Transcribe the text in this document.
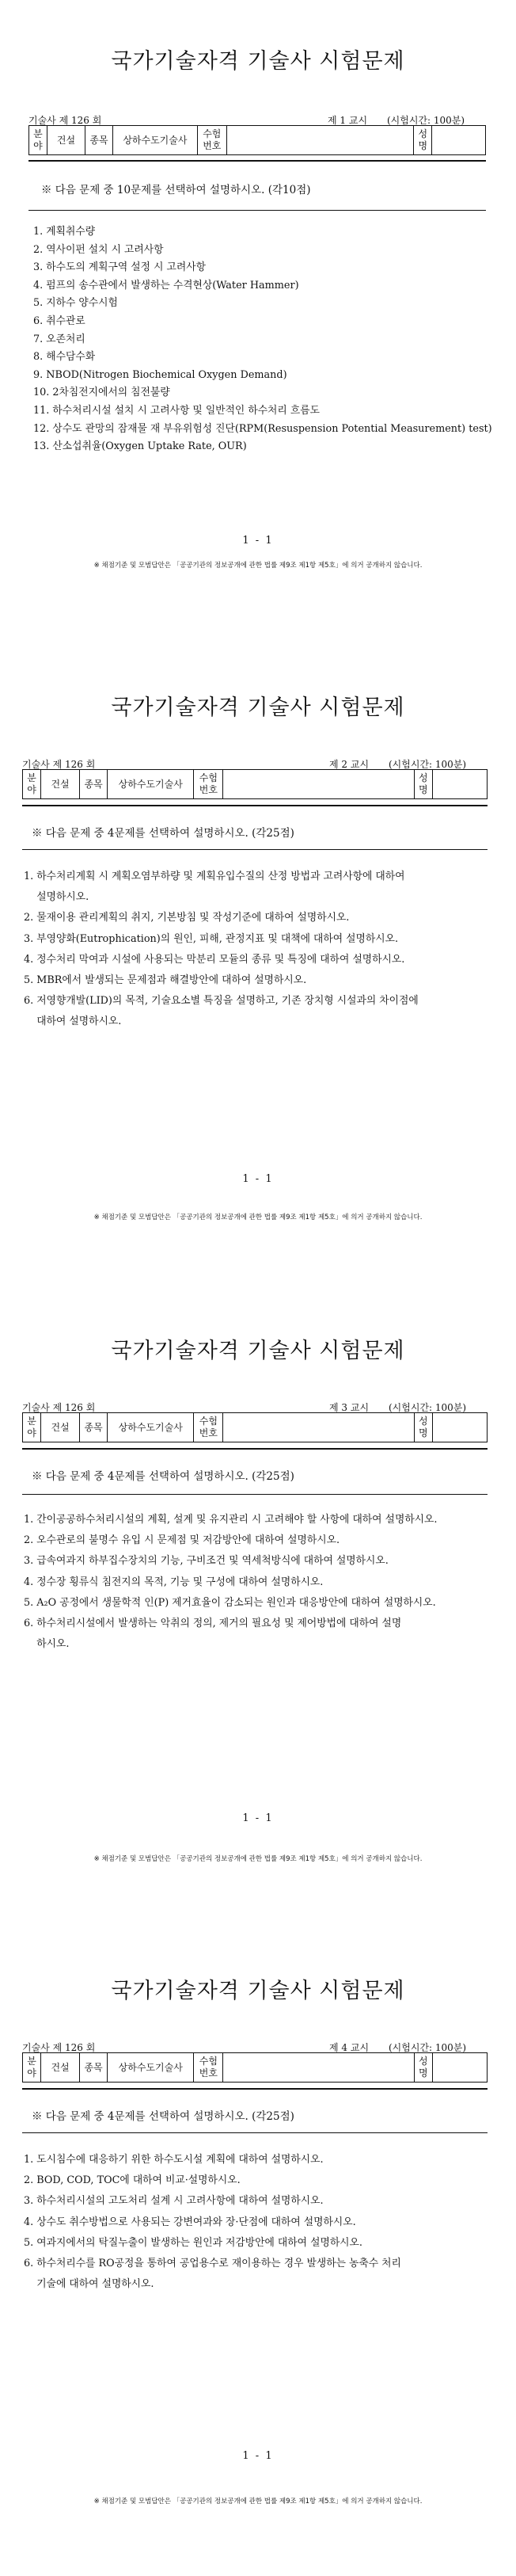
국가기술자격 기술사 시험문제
기술사 제 126 회	제 1 교시 (시험시간: 100분)
분 야	건설	종목	상하수도기술사	수험 번호		성 명	
※ 다음 문제 중 10문제를 선택하여 설명하시오. (각10점)
1. 계획취수량
2. 역사이펀 설치 시 고려사항
3. 하수도의 계획구역 설정 시 고려사항
4. 펌프의 송수관에서 발생하는 수격현상(Water Hammer)
5. 지하수 양수시험
6. 취수관로
7. 오존처리
8. 해수담수화
9. NBOD(Nitrogen Biochemical Oxygen Demand)
10. 2차침전지에서의 침전불량
11. 하수처리시설 설치 시 고려사항 및 일반적인 하수처리 흐름도
12. 상수도 관망의 잠재물 재 부유위험성 진단(RPM(Resuspension Potential Measurement) test)
13. 산소섭취율(Oxygen Uptake Rate, OUR)
1 - 1
※ 채점기준 및 모범답안은 「공공기관의 정보공개에 관한 법률 제9조 제1항 제5호」에 의거 공개하지 않습니다.
국가기술자격 기술사 시험문제
기술사 제 126 회	제 2 교시 (시험시간: 100분)
분 야	건설	종목	상하수도기술사	수험 번호		성 명	
※ 다음 문제 중 4문제를 선택하여 설명하시오. (각25점)
1. 하수처리계획 시 계획오염부하량 및 계획유입수질의 산정 방법과 고려사항에 대하여
설명하시오.
2. 물재이용 관리계획의 취지, 기본방침 및 작성기준에 대하여 설명하시오.
3. 부영양화(Eutrophication)의 원인, 피해, 관정지표 및 대책에 대하여 설명하시오.
4. 정수처리 막여과 시설에 사용되는 막분리 모듈의 종류 및 특징에 대하여 설명하시오.
5. MBR에서 발생되는 문제점과 해결방안에 대하여 설명하시오.
6. 저영향개발(LID)의 목적, 기술요소별 특징을 설명하고, 기존 장치형 시설과의 차이점에
대하여 설명하시오.
1 - 1
※ 채점기준 및 모범답안은 「공공기관의 정보공개에 관한 법률 제9조 제1항 제5호」에 의거 공개하지 않습니다.
국가기술자격 기술사 시험문제
기술사 제 126 회	제 3 교시 (시험시간: 100분)
분 야	건설	종목	상하수도기술사	수험 번호		성 명	
※ 다음 문제 중 4문제를 선택하여 설명하시오. (각25점)
1. 간이공공하수처리시설의 계획, 설계 및 유지관리 시 고려해야 할 사항에 대하여 설명하시오.
2. 오수관로의 불명수 유입 시 문제점 및 저감방안에 대하여 설명하시오.
3. 급속여과지 하부집수장치의 기능, 구비조건 및 역세척방식에 대하여 설명하시오.
4. 정수장 횡류식 침전지의 목적, 기능 및 구성에 대하여 설명하시오.
5. A₂O 공정에서 생물학적 인(P) 제거효율이 감소되는 원인과 대응방안에 대하여 설명하시오.
6. 하수처리시설에서 발생하는 악취의 정의, 제거의 필요성 및 제어방법에 대하여 설명
하시오.
1 - 1
※ 채점기준 및 모범답안은 「공공기관의 정보공개에 관한 법률 제9조 제1항 제5호」에 의거 공개하지 않습니다.
국가기술자격 기술사 시험문제
기술사 제 126 회	제 4 교시 (시험시간: 100분)
분 야	건설	종목	상하수도기술사	수험 번호		성 명	
※ 다음 문제 중 4문제를 선택하여 설명하시오. (각25점)
1. 도시침수에 대응하기 위한 하수도시설 계획에 대하여 설명하시오.
2. BOD, COD, TOC에 대하여 비교·설명하시오.
3. 하수처리시설의 고도처리 설계 시 고려사항에 대하여 설명하시오.
4. 상수도 취수방법으로 사용되는 강변여과와 장·단점에 대하여 설명하시오.
5. 여과지에서의 탁질누출이 발생하는 원인과 저감방안에 대하여 설명하시오.
6. 하수처리수를 RO공정을 통하여 공업용수로 재이용하는 경우 발생하는 농축수 처리
기술에 대하여 설명하시오.
1 - 1
※ 채점기준 및 모범답안은 「공공기관의 정보공개에 관한 법률 제9조 제1항 제5호」에 의거 공개하지 않습니다.
